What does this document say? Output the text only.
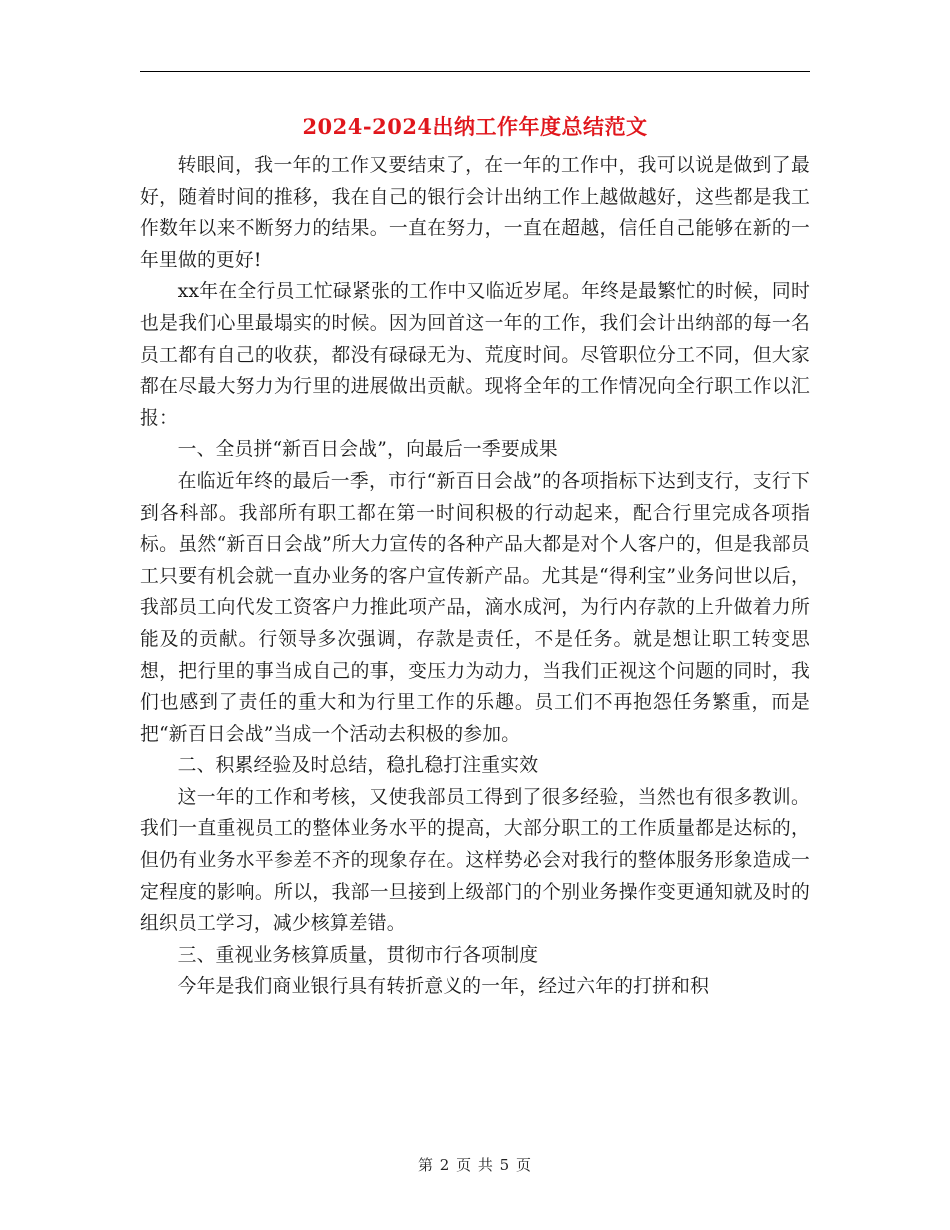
2024-2024出纳工作年度总结范文

转眼间，我一年的工作又要结束了，在一年的工作中，我可以说是做到了最好，随着时间的推移，我在自己的银行会计出纳工作上越做越好，这些都是我工作数年以来不断努力的结果。一直在努力，一直在超越，信任自己能够在新的一年里做的更好!

xx年在全行员工忙碌紧张的工作中又临近岁尾。年终是最繁忙的时候，同时也是我们心里最塌实的时候。因为回首这一年的工作，我们会计出纳部的每一名员工都有自己的收获，都没有碌碌无为、荒度时间。尽管职位分工不同，但大家都在尽最大努力为行里的进展做出贡献。现将全年的工作情况向全行职工作以汇报：

一、全员拼“新百日会战”，向最后一季要成果

在临近年终的最后一季，市行“新百日会战”的各项指标下达到支行，支行下到各科部。我部所有职工都在第一时间积极的行动起来，配合行里完成各项指标。虽然“新百日会战”所大力宣传的各种产品大都是对个人客户的，但是我部员工只要有机会就一直办业务的客户宣传新产品。尤其是“得利宝”业务问世以后，我部员工向代发工资客户力推此项产品，滴水成河，为行内存款的上升做着力所能及的贡献。行领导多次强调，存款是责任，不是任务。就是想让职工转变思想，把行里的事当成自己的事，变压力为动力，当我们正视这个问题的同时，我们也感到了责任的重大和为行里工作的乐趣。员工们不再抱怨任务繁重，而是把“新百日会战”当成一个活动去积极的参加。

二、积累经验及时总结，稳扎稳打注重实效

这一年的工作和考核，又使我部员工得到了很多经验，当然也有很多教训。我们一直重视员工的整体业务水平的提高，大部分职工的工作质量都是达标的，但仍有业务水平参差不齐的现象存在。这样势必会对我行的整体服务形象造成一定程度的影响。所以，我部一旦接到上级部门的个别业务操作变更通知就及时的组织员工学习，减少核算差错。

三、重视业务核算质量，贯彻市行各项制度

今年是我们商业银行具有转折意义的一年，经过六年的打拼和积

第 2 页 共 5 页
